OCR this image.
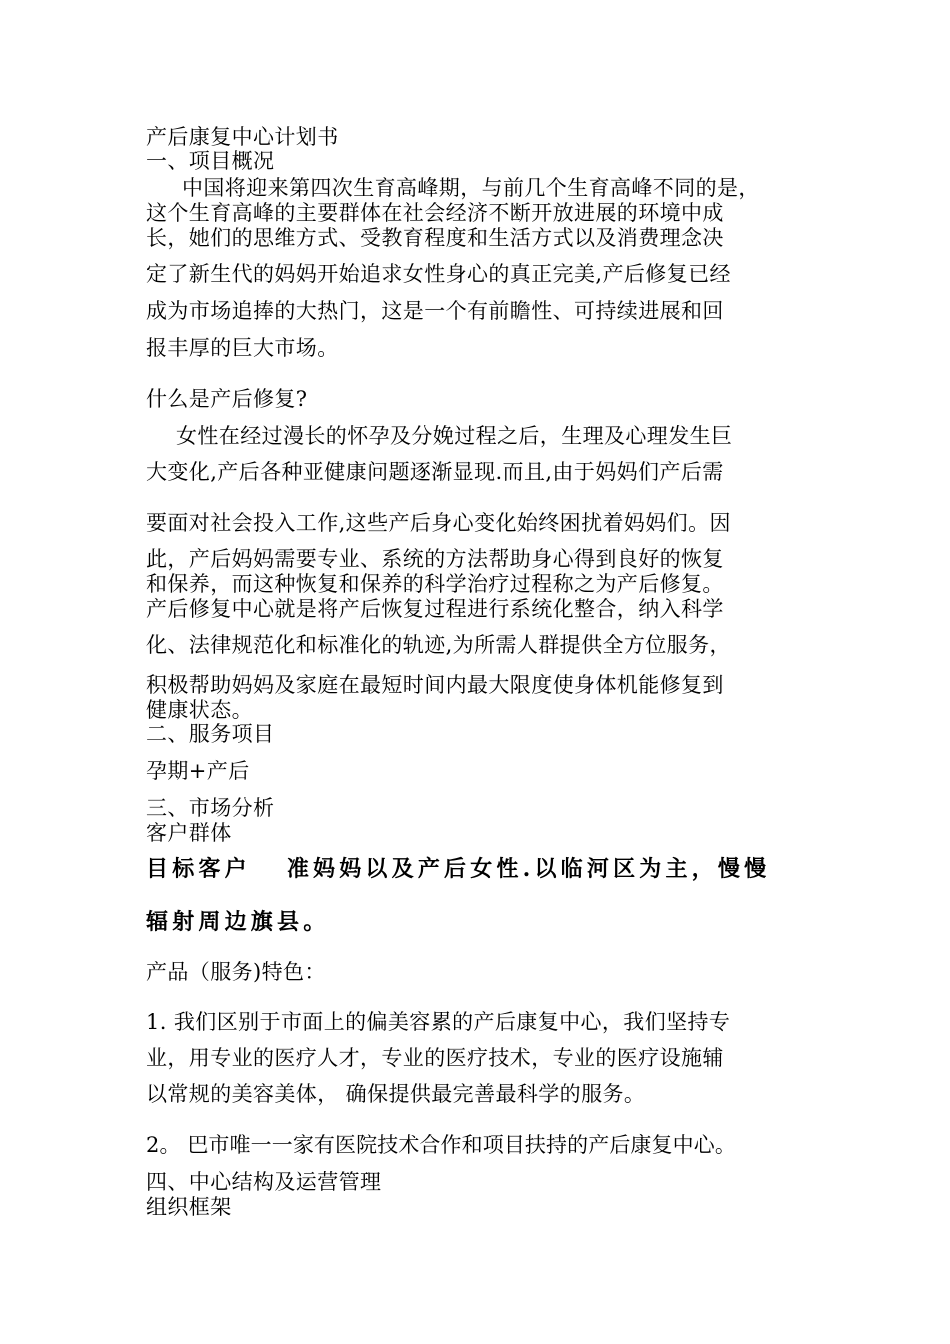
产后康复中心计划书

一、项目概况

中国将迎来第四次生育高峰期，与前几个生育高峰不同的是，

这个生育高峰的主要群体在社会经济不断开放进展的环境中成

长，她们的思维方式、受教育程度和生活方式以及消费理念决

定了新生代的妈妈开始追求女性身心的真正完美,产后修复已经

成为市场追捧的大热门，这是一个有前瞻性、可持续进展和回

报丰厚的巨大市场。

什么是产后修复?

女性在经过漫长的怀孕及分娩过程之后，生理及心理发生巨

大变化,产后各种亚健康问题逐渐显现.而且,由于妈妈们产后需

要面对社会投入工作,这些产后身心变化始终困扰着妈妈们。因

此，产后妈妈需要专业、系统的方法帮助身心得到良好的恢复

和保养，而这种恢复和保养的科学治疗过程称之为产后修复。

产后修复中心就是将产后恢复过程进行系统化整合，纳入科学

化、法律规范化和标准化的轨迹,为所需人群提供全方位服务，

积极帮助妈妈及家庭在最短时间内最大限度使身体机能修复到

健康状态。

二、服务项目

孕期+产后

三、市场分析

客户群体

目标客户 准妈妈以及产后女性.以临河区为主，慢慢

辐射周边旗县。

产品（服务)特色：

1. 我们区别于市面上的偏美容累的产后康复中心，我们坚持专

业，用专业的医疗人才，专业的医疗技术，专业的医疗设施辅

以常规的美容美体， 确保提供最完善最科学的服务。

2。 巴市唯一一家有医院技术合作和项目扶持的产后康复中心。

四、中心结构及运营管理

组织框架
